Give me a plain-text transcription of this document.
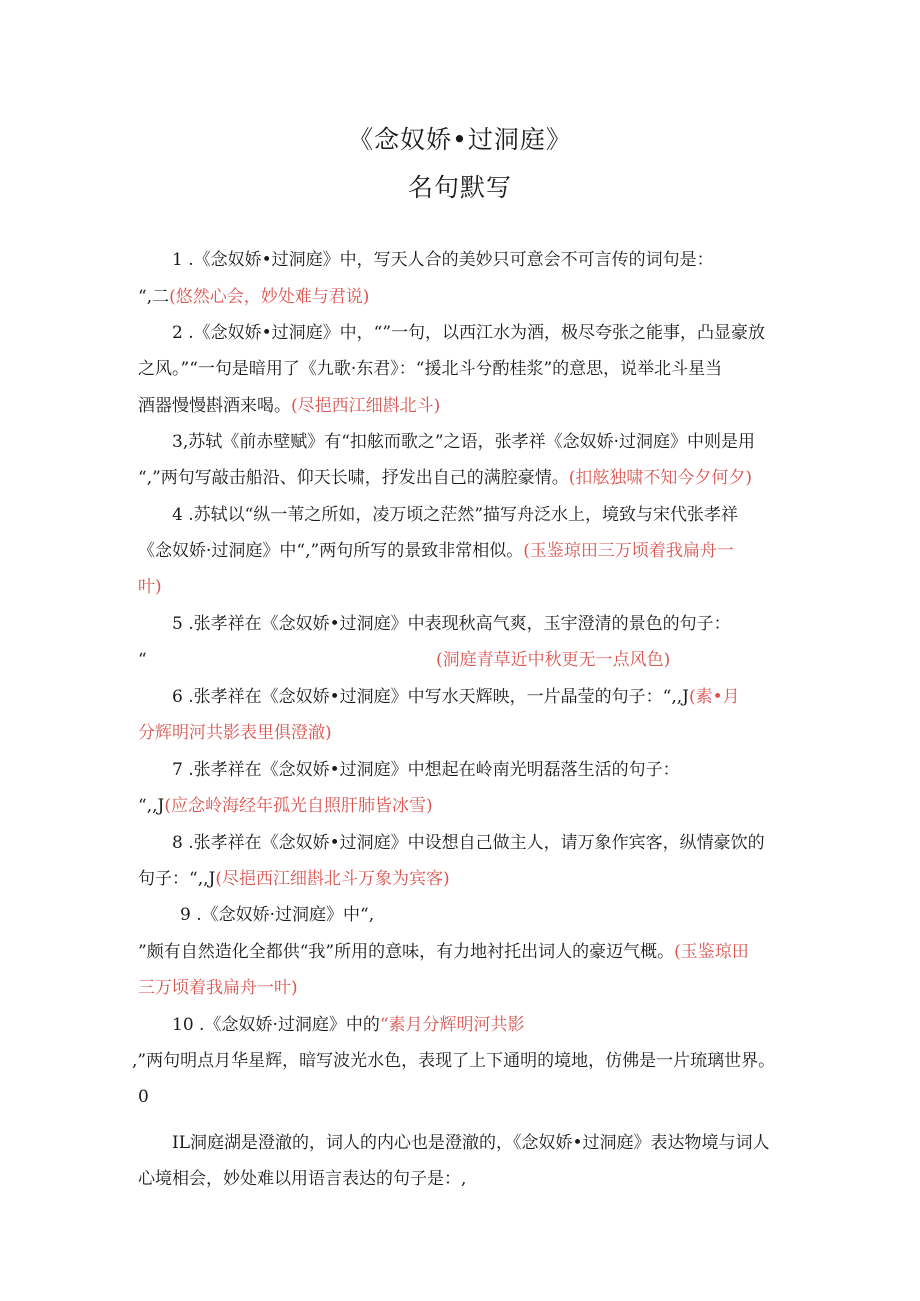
《念奴娇•过洞庭》
名句默写
1 .《念奴娇•过洞庭》中，写天人合的美妙只可意会不可言传的词句是：
“,二(悠然心会，妙处难与君说)
2 .《念奴娇•过洞庭》中，“”一句，以西江水为酒，极尽夸张之能事，凸显豪放
之风。”“一句是暗用了《九歌·东君》：“援北斗兮酌桂浆”的意思，说举北斗星当
酒器慢慢斟酒来喝。(尽挹西江细斟北斗)
3,苏轼《前赤壁赋》有“扣舷而歌之”之语，张孝祥《念奴娇·过洞庭》中则是用
“,”两句写敲击船沿、仰天长啸，抒发出自己的满腔豪情。(扣舷独啸不知今夕何夕)
4 .苏轼以“纵一苇之所如，凌万顷之茫然”描写舟泛水上，境致与宋代张孝祥
《念奴娇·过洞庭》中“,”两句所写的景致非常相似。(玉鉴琼田三万顷着我扁舟一
叶)
5 .张孝祥在《念奴娇•过洞庭》中表现秋高气爽，玉宇澄清的景色的句子：
“	(洞庭青草近中秋更无一点风色)
6 .张孝祥在《念奴娇•过洞庭》中写水天辉映，一片晶莹的句子：“,,J(素•月
分辉明河共影表里俱澄澈)
7 .张孝祥在《念奴娇•过洞庭》中想起在岭南光明磊落生活的句子：
“,,J(应念岭海经年孤光自照肝肺皆冰雪)
8 .张孝祥在《念奴娇•过洞庭》中设想自己做主人，请万象作宾客，纵情豪饮的
句子：“,,J(尽挹西江细斟北斗万象为宾客)
9 .《念奴娇·过洞庭》中“,
”颇有自然造化全都供“我”所用的意味，有力地衬托出词人的豪迈气概。(玉鉴琼田
三万顷着我扁舟一叶)
10 .《念奴娇·过洞庭》中的“素月分辉明河共影
,”两句明点月华星辉，暗写波光水色，表现了上下通明的境地，仿佛是一片琉璃世界。
0
IL洞庭湖是澄澈的，词人的内心也是澄澈的，《念奴娇•过洞庭》表达物境与词人
心境相会，妙处难以用语言表达的句子是：,
